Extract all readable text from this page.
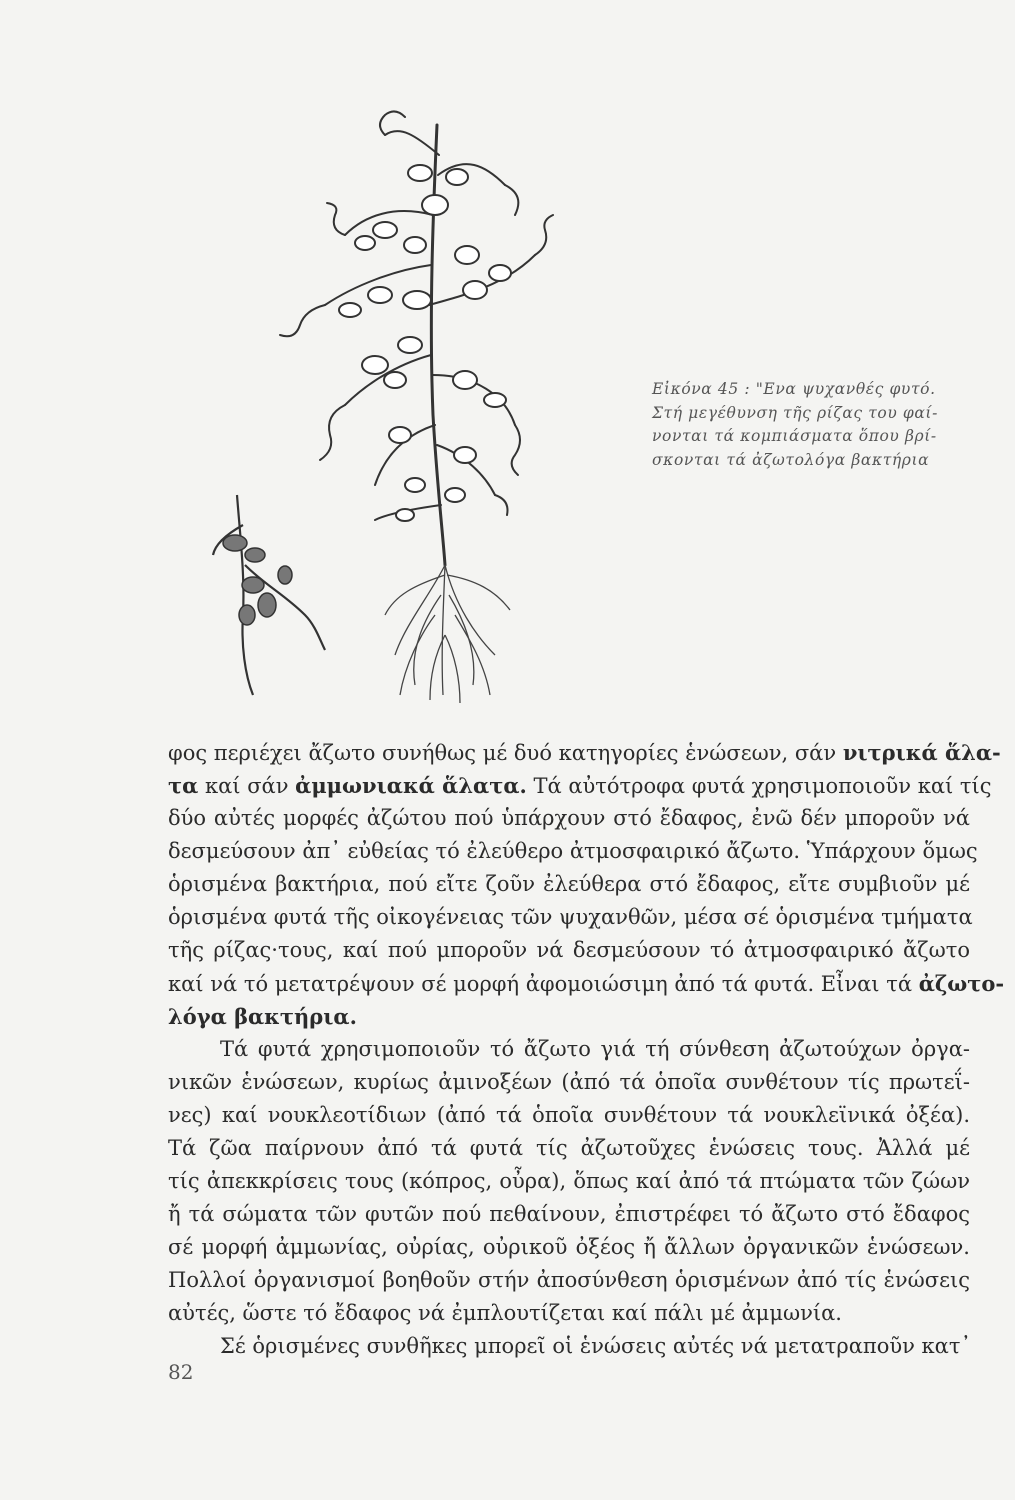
Εἰκόνα 45 : "Ενα ψυχανθές φυτό.
Στή μεγέθυνση τῆς ρίζας του φαί-
νονται τά κομπιάσματα ὅπου βρί-
σκονται τά ἀζωτολόγα βακτήρια
φος περιέχει ἄζωτο συνήθως μέ δυό κατηγορίες ἑνώσεων, σάν νιτρικά ἅλα-
τα καί σάν ἀμμωνιακά ἅλατα. Τά αὐτότροφα φυτά χρησιμοποιοῦν καί τίς
δύο αὐτές μορφές ἀζώτου πού ὑπάρχουν στό ἔδαφος, ἐνῶ δέν μποροῦν νά
δεσμεύσουν ἀπ᾿ εὐθείας τό ἐλεύθερο ἀτμοσφαιρικό ἄζωτο. Ὑπάρχουν ὅμως
ὁρισμένα βακτήρια, πού εἴτε ζοῦν ἐλεύθερα στό ἔδαφος, εἴτε συμβιοῦν μέ
ὁρισμένα φυτά τῆς οἰκογένειας τῶν ψυχανθῶν, μέσα σέ ὁρισμένα τμήματα
τῆς ρίζας·τους, καί πού μποροῦν νά δεσμεύσουν τό ἀτμοσφαιρικό ἄζωτο
καί νά τό μετατρέψουν σέ μορφή ἀφομοιώσιμη ἀπό τά φυτά. Εἶναι τά ἀζωτο-
λόγα βακτήρια.
Τά φυτά χρησιμοποιοῦν τό ἄζωτο γιά τή σύνθεση ἀζωτούχων ὀργα-
νικῶν ἑνώσεων, κυρίως ἀμινοξέων (ἀπό τά ὁποῖα συνθέτουν τίς πρωτεΐ-
νες) καί νουκλεοτίδιων (ἀπό τά ὁποῖα συνθέτουν τά νουκλεϊνικά ὀξέα).
Τά ζῶα παίρνουν ἀπό τά φυτά τίς ἀζωτοῦχες ἑνώσεις τους. Ἀλλά μέ
τίς ἀπεκκρίσεις τους (κόπρος, οὖρα), ὅπως καί ἀπό τά πτώματα τῶν ζώων
ἤ τά σώματα τῶν φυτῶν πού πεθαίνουν, ἐπιστρέφει τό ἄζωτο στό ἔδαφος
σέ μορφή ἀμμωνίας, οὐρίας, οὐρικοῦ ὀξέος ἤ ἄλλων ὀργανικῶν ἑνώσεων.
Πολλοί ὀργανισμοί βοηθοῦν στήν ἀποσύνθεση ὁρισμένων ἀπό τίς ἑνώσεις
αὐτές, ὥστε τό ἔδαφος νά ἐμπλουτίζεται καί πάλι μέ ἀμμωνία.
Σέ ὁρισμένες συνθῆκες μπορεῖ οἱ ἑνώσεις αὐτές νά μετατραποῦν κατ᾿
82
